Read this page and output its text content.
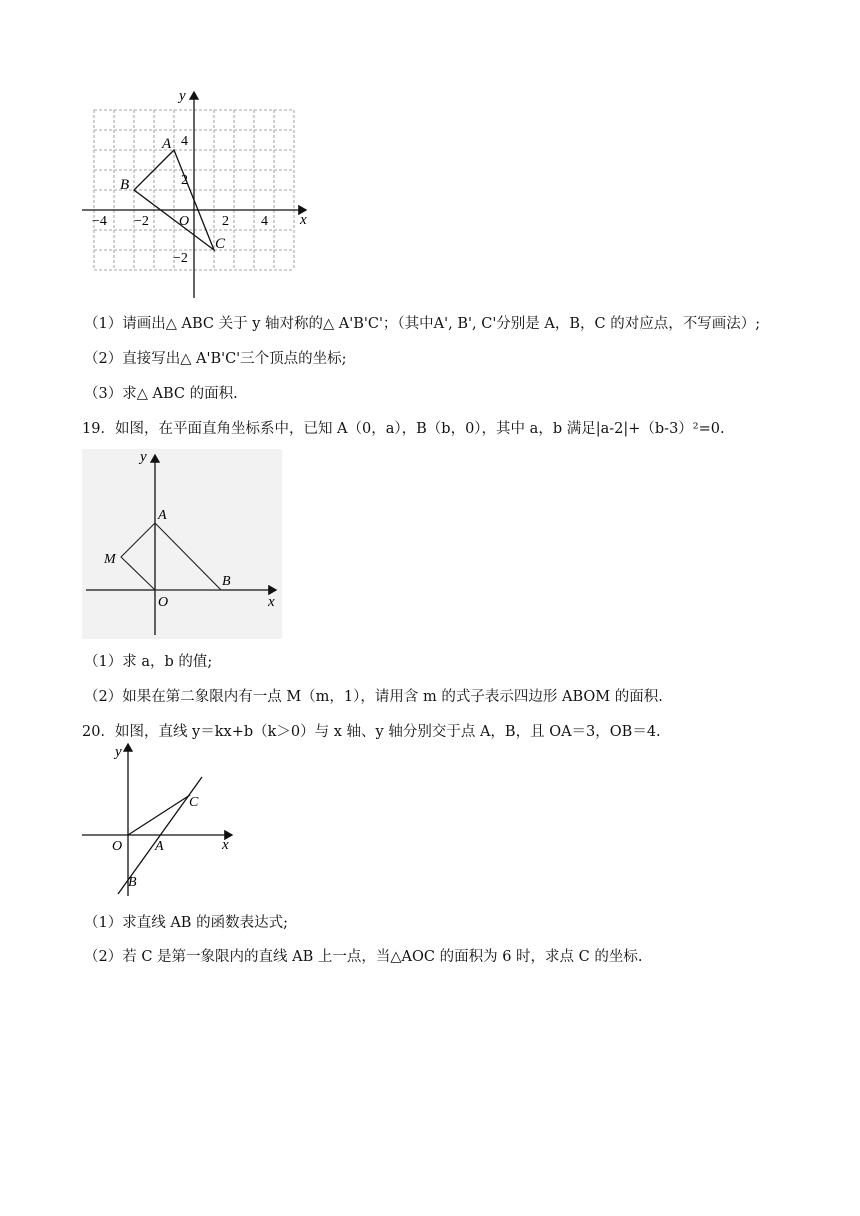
x
y
−4 −2	2 4
4
2
−2
O
A
B
C
（1）请画出△ ABC 关于 y 轴对称的△ A'B'C'；（其中A', B', C'分别是 A，B，C 的对应点，不写画法）;
（2）直接写出△ A'B'C'三个顶点的坐标;
（3）求△ ABC 的面积.
19．如图，在平面直角坐标系中，已知 A（0，a），B（b，0），其中 a，b 满足|a-2|+（b-3）²=0.
y
x
A
M
B
O
（1）求 a，b 的值;
（2）如果在第二象限内有一点 M（m，1），请用含 m 的式子表示四边形 ABOM 的面积.
20．如图，直线 y＝kx+b（k＞0）与 x 轴、y 轴分别交于点 A，B，且 OA＝3，OB＝4.
y
x
C
O A
B
（1）求直线 AB 的函数表达式;
（2）若 C 是第一象限内的直线 AB 上一点，当△AOC 的面积为 6 时，求点 C 的坐标.
